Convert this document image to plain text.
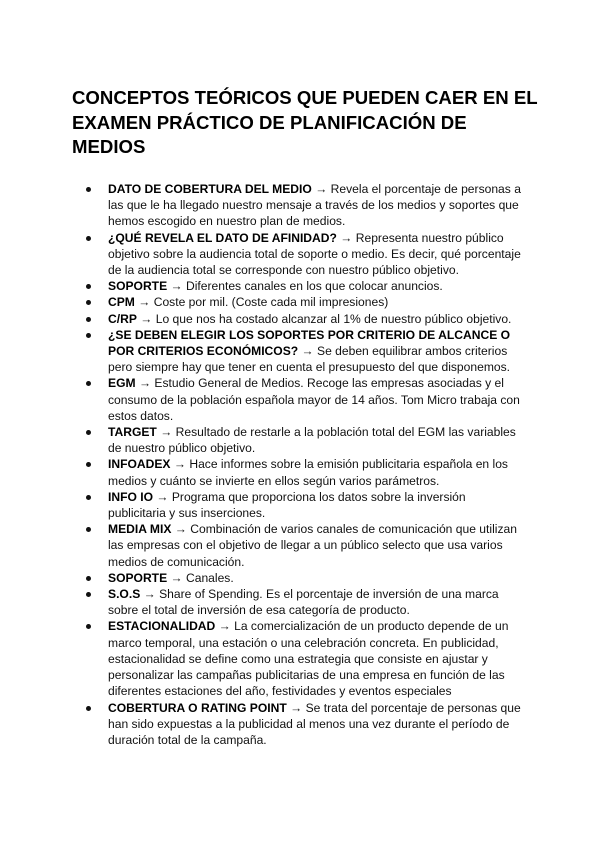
CONCEPTOS TEÓRICOS QUE PUEDEN CAER EN EL EXAMEN PRÁCTICO DE PLANIFICACIÓN DE MEDIOS
DATO DE COBERTURA DEL MEDIO → Revela el porcentaje de personas a las que le ha llegado nuestro mensaje a través de los medios y soportes que hemos escogido en nuestro plan de medios.
¿QUÉ REVELA EL DATO DE AFINIDAD? → Representa nuestro público objetivo sobre la audiencia total de soporte o medio. Es decir, qué porcentaje de la audiencia total se corresponde con nuestro público objetivo.
SOPORTE → Diferentes canales en los que colocar anuncios.
CPM → Coste por mil. (Coste cada mil impresiones)
C/RP → Lo que nos ha costado alcanzar al 1% de nuestro público objetivo.
¿SE DEBEN ELEGIR LOS SOPORTES POR CRITERIO DE ALCANCE O POR CRITERIOS ECONÓMICOS? → Se deben equilibrar ambos criterios pero siempre hay que tener en cuenta el presupuesto del que disponemos.
EGM → Estudio General de Medios. Recoge las empresas asociadas y el consumo de la población española mayor de 14 años. Tom Micro trabaja con estos datos.
TARGET → Resultado de restarle a la población total del EGM las variables de nuestro público objetivo.
INFOADEX → Hace informes sobre la emisión publicitaria española en los medios y cuánto se invierte en ellos según varios parámetros.
INFO IO → Programa que proporciona los datos sobre la inversión publicitaria y sus inserciones.
MEDIA MIX → Combinación de varios canales de comunicación que utilizan las empresas con el objetivo de llegar a un público selecto que usa varios medios de comunicación.
SOPORTE → Canales.
S.O.S → Share of Spending. Es el porcentaje de inversión de una marca sobre el total de inversión de esa categoría de producto.
ESTACIONALIDAD → La comercialización de un producto depende de un marco temporal, una estación o una celebración concreta. En publicidad, estacionalidad se define como una estrategia que consiste en ajustar y personalizar las campañas publicitarias de una empresa en función de las diferentes estaciones del año, festividades y eventos especiales
COBERTURA O RATING POINT → Se trata del porcentaje de personas que han sido expuestas a la publicidad al menos una vez durante el período de duración total de la campaña.
